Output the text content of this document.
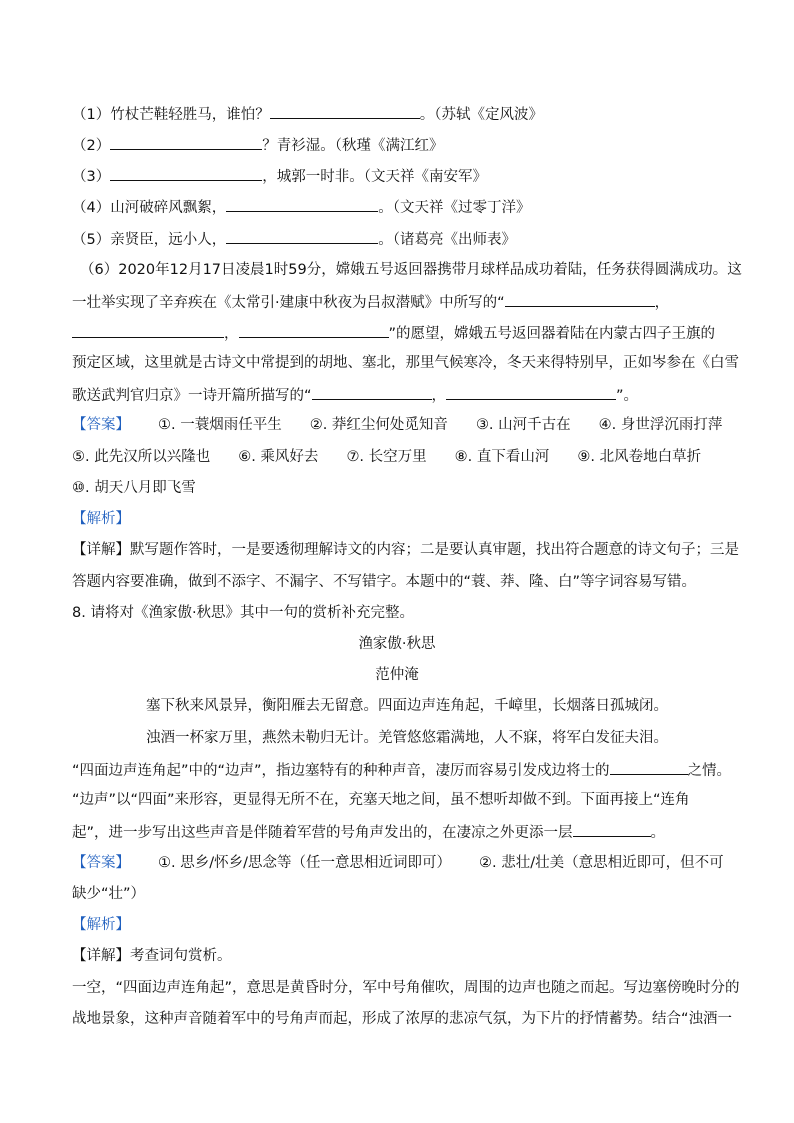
（1）竹杖芒鞋轻胜马，谁怕？	。（苏轼《定风波》
（2）	？青衫湿。（秋瑾《满江红》
（3）	，城郭一时非。（文天祥《南安军》
（4）山河破碎风飘絮，	。（文天祥《过零丁洋》
（5）亲贤臣，远小人，	。（诸葛亮《出师表》
（6）2020年12月17日凌晨1时59分，嫦娥五号返回器携带月球样品成功着陆，任务获得圆满成功。这
一壮举实现了辛弃疾在《太常引·建康中秋夜为吕叔潜赋》中所写的“	，
，	”的愿望，嫦娥五号返回器着陆在内蒙古四子王旗的
预定区域，这里就是古诗文中常提到的胡地、塞北，那里气候寒冷，冬天来得特别早，正如岑参在《白雪
歌送武判官归京》一诗开篇所描写的“	，	”。
【答案】 ①. 一蓑烟雨任平生 ②. 莽红尘何处觅知音 ③. 山河千古在 ④. 身世浮沉雨打萍
⑤. 此先汉所以兴隆也 ⑥. 乘风好去 ⑦. 长空万里 ⑧. 直下看山河 ⑨. 北风卷地白草折
⑩. 胡天八月即飞雪
【解析】
【详解】默写题作答时，一是要透彻理解诗文的内容；二是要认真审题，找出符合题意的诗文句子；三是
答题内容要准确，做到不添字、不漏字、不写错字。本题中的“蓑、莽、隆、白”等字词容易写错。
8. 请将对《渔家傲·秋思》其中一句的赏析补充完整。
渔家傲·秋思
范仲淹
塞下秋来风景异，衡阳雁去无留意。四面边声连角起，千嶂里，长烟落日孤城闭。
浊酒一杯家万里，燕然未勒归无计。羌管悠悠霜满地，人不寐，将军白发征夫泪。
“四面边声连角起”中的“边声”，指边塞特有的种种声音，凄厉而容易引发戍边将士的	之情。
“边声”以“四面”来形容，更显得无所不在，充塞天地之间，虽不想听却做不到。下面再接上“连角
起”，进一步写出这些声音是伴随着军营的号角声发出的，在凄凉之外更添一层	。
【答案】 ①. 思乡/怀乡/思念等（任一意思相近词即可） ②. 悲壮/壮美（意思相近即可，但不可
缺少“壮”）
【解析】
【详解】考查词句赏析。
一空，“四面边声连角起”，意思是黄昏时分，军中号角催吹，周围的边声也随之而起。写边塞傍晚时分的
战地景象，这种声音随着军中的号角声而起，形成了浓厚的悲凉气氛，为下片的抒情蓄势。结合“浊酒一
